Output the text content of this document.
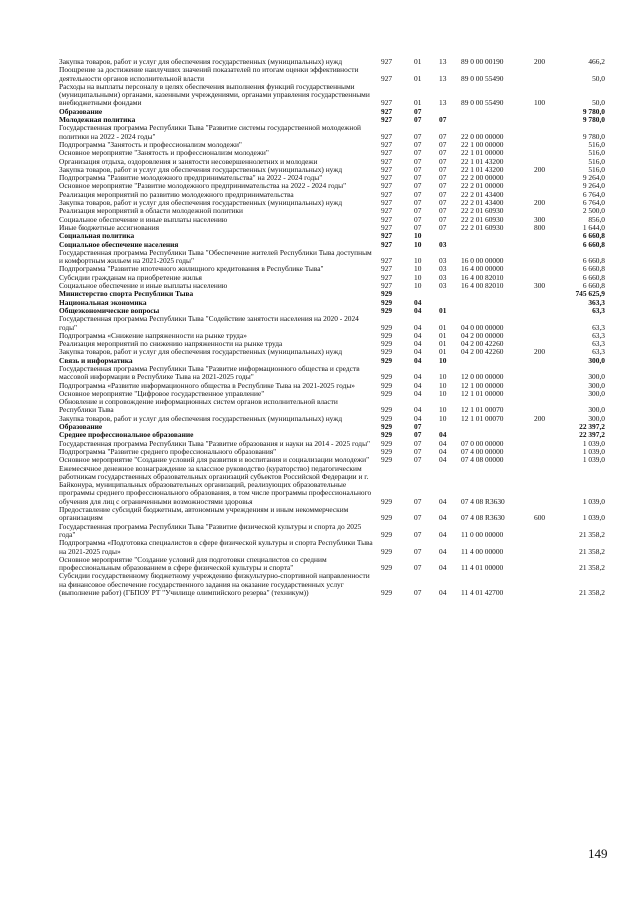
Закупка товаров, работ и услуг для обеспечения государственных (муниципальных) нужд	927	01	13	89 0 00 00190	200	466,2
Поощрение за достижение наилучших значений показателей по итогам оценки эффективности деятельности органов исполнительной власти	927	01	13	89 0 00 55490		50,0
Расходы на выплаты персоналу в целях обеспечения выполнения функций государственными (муниципальными) органами, казенными учреждениями, органами управления государственными внебюджетными фондами	927	01	13	89 0 00 55490	100	50,0
Образование	927	07				9 780,0
Молодежная политика	927	07	07			9 780,0
Государственная программа Республики Тыва "Развитие системы государственной молодежной политики на 2022 - 2024 годы"	927	07	07	22 0 00 00000		9 780,0
Подпрограмма "Занятость и профессионализм молодежи"	927	07	07	22 1 00 00000		516,0
Основное мероприятие "Занятость и профессионализм молодежи"	927	07	07	22 1 01 00000		516,0
Организация отдыха, оздоровления и занятости несовершеннолетних и молодежи	927	07	07	22 1 01 43200		516,0
Закупка товаров, работ и услуг для обеспечения государственных (муниципальных) нужд	927	07	07	22 1 01 43200	200	516,0
Подпрограмма "Развитие молодежного предпринимательства" на 2022 - 2024 годы"	927	07	07	22 2 00 00000		9 264,0
Основное мероприятие "Развитие молодежного предпринимательства на 2022 - 2024 годы"	927	07	07	22 2 01 00000		9 264,0
Реализация мероприятий по развитию молодежного предпринимательства	927	07	07	22 2 01 43400		6 764,0
Закупка товаров, работ и услуг для обеспечения государственных (муниципальных) нужд	927	07	07	22 2 01 43400	200	6 764,0
Реализация мероприятий в области молодежной политики	927	07	07	22 2 01 60930		2 500,0
Социальное обеспечение и иные выплаты населению	927	07	07	22 2 01 60930	300	856,0
Иные бюджетные ассигнования	927	07	07	22 2 01 60930	800	1 644,0
Социальная политика	927	10				6 660,8
Социальное обеспечение населения	927	10	03			6 660,8
Государственная программа Республики Тыва "Обеспечение жителей Республики Тыва доступным и комфортным жильем на 2021-2025 годы"	927	10	03	16 0 00 00000		6 660,8
Подпрограмма "Развитие ипотечного жилищного кредитования в Республике Тыва"	927	10	03	16 4 00 00000		6 660,8
Субсидии гражданам на приобретение жилья	927	10	03	16 4 00 82010		6 660,8
Социальное обеспечение и иные выплаты населению	927	10	03	16 4 00 82010	300	6 660,8
Министерство спорта Республики Тыва	929					745 625,9
Национальная экономика	929	04				363,3
Общеэкономические вопросы	929	04	01			63,3
Государственная программа Республики Тыва "Содействие занятости населения на 2020 - 2024 годы"	929	04	01	04 0 00 00000		63,3
Подпрограмма «Снижение напряженности на рынке труда»	929	04	01	04 2 00 00000		63,3
Реализация мероприятий по снижению напряженности на рынке труда	929	04	01	04 2 00 42260		63,3
Закупка товаров, работ и услуг для обеспечения государственных (муниципальных) нужд	929	04	01	04 2 00 42260	200	63,3
Связь и информатика	929	04	10			300,0
Государственная программа Республики Тыва "Развитие информационного общества и средств массовой информации в Республике Тыва на 2021-2025 годы"	929	04	10	12 0 00 00000		300,0
Подпрограмма «Развитие информационного общества в Республике Тыва на 2021-2025 годы»	929	04	10	12 1 00 00000		300,0
Основное мероприятие "Цифровое государственное управление"	929	04	10	12 1 01 00000		300,0
Обновление и сопровождение информационных систем органов исполнительной власти Республики Тыва	929	04	10	12 1 01 00070		300,0
Закупка товаров, работ и услуг для обеспечения государственных (муниципальных) нужд	929	04	10	12 1 01 00070	200	300,0
Образование	929	07				22 397,2
Среднее профессиональное образование	929	07	04			22 397,2
Государственная программа Республики Тыва "Развитие образования и науки на 2014 - 2025 годы"	929	07	04	07 0 00 00000		1 039,0
Подпрограмма "Развитие среднего профессионального образования"	929	07	04	07 4 00 00000		1 039,0
Основное мероприятие "Создание условий для развития и воспитания и социализации молодежи"	929	07	04	07 4 08 00000		1 039,0
Ежемесячное денежное вознаграждение за классное руководство (кураторство) педагогическим работникам государственных образовательных организаций субъектов Российской Федерации и г. Байконура, муниципальных образовательных организаций, реализующих образовательные программы среднего профессионального образования, в том числе программы профессионального обучения для лиц с ограниченными возможностями здоровья	929	07	04	07 4 08 R3630		1 039,0
Предоставление субсидий бюджетным, автономным учреждениям и иным некоммерческим организациям	929	07	04	07 4 08 R3630	600	1 039,0
Государственная программа Республики Тыва "Развитие физической культуры и спорта до 2025 года"	929	07	04	11 0 00 00000		21 358,2
Подпрограмма «Подготовка специалистов в сфере физической культуры и спорта Республики Тыва на 2021-2025 годы»	929	07	04	11 4 00 00000		21 358,2
Основное мероприятие "Создание условий для подготовки специалистов со средним профессиональным образованием в сфере физической культуры и спорта"	929	07	04	11 4 01 00000		21 358,2
Субсидии государственному бюджетному учреждению физкультурно-спортивной направленности на финансовое обеспечение государственного задания на оказание государственных услуг (выполнение работ) (ГБПОУ РТ "Училище олимпийского резерва" (техникум))	929	07	04	11 4 01 42700		21 358,2
149
